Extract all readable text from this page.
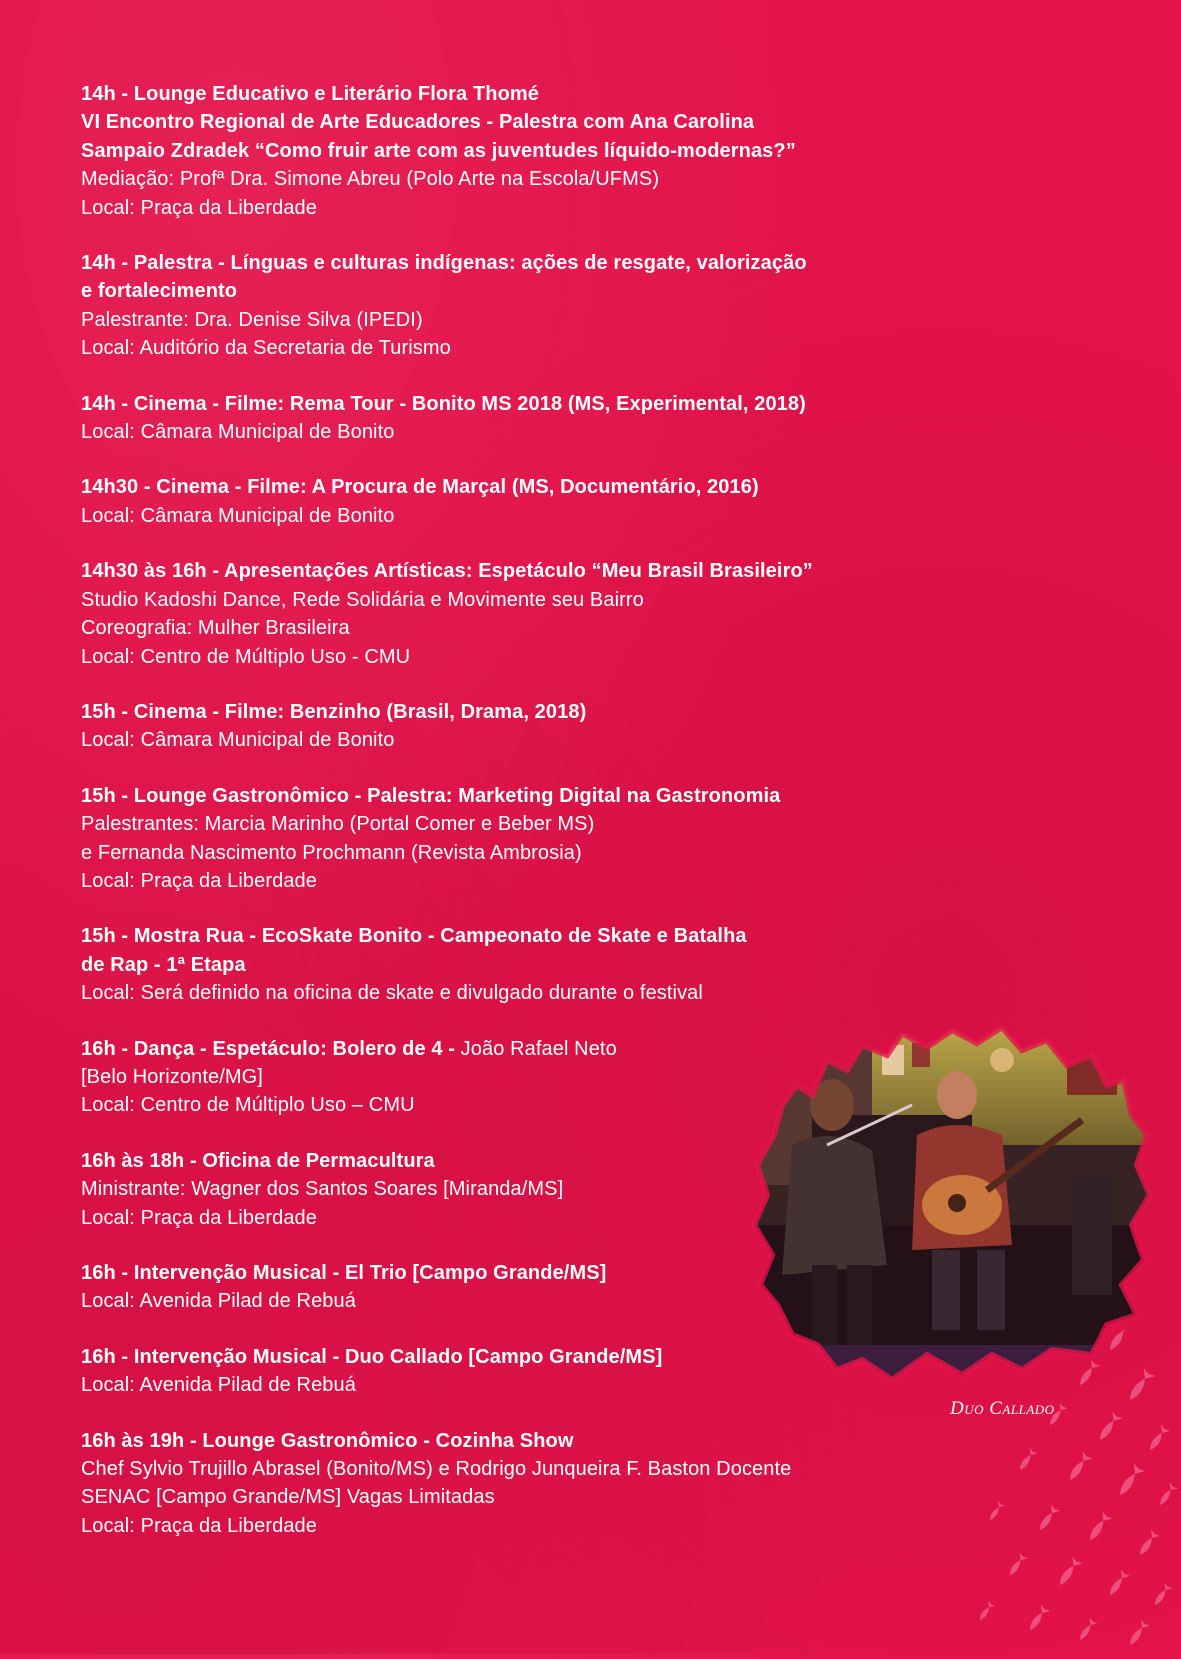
14h - Lounge Educativo e Literário Flora Thomé
VI Encontro Regional de Arte Educadores - Palestra com Ana Carolina
Sampaio Zdradek “Como fruir arte com as juventudes líquido-modernas?”
Mediação: Profª Dra. Simone Abreu (Polo Arte na Escola/UFMS)
Local: Praça da Liberdade
14h - Palestra - Línguas e culturas indígenas: ações de resgate, valorização
e fortalecimento
Palestrante: Dra. Denise Silva (IPEDI)
Local: Auditório da Secretaria de Turismo
14h - Cinema - Filme: Rema Tour - Bonito MS 2018 (MS, Experimental, 2018)
Local: Câmara Municipal de Bonito
14h30 - Cinema - Filme: A Procura de Marçal (MS, Documentário, 2016)
Local: Câmara Municipal de Bonito
14h30 às 16h - Apresentações Artísticas: Espetáculo “Meu Brasil Brasileiro”
Studio Kadoshi Dance, Rede Solidária e Movimente seu Bairro
Coreografia: Mulher Brasileira
Local: Centro de Múltiplo Uso - CMU
15h - Cinema - Filme: Benzinho (Brasil, Drama, 2018)
Local: Câmara Municipal de Bonito
15h - Lounge Gastronômico - Palestra: Marketing Digital na Gastronomia
Palestrantes: Marcia Marinho (Portal Comer e Beber MS)
e Fernanda Nascimento Prochmann (Revista Ambrosia)
Local: Praça da Liberdade
15h - Mostra Rua - EcoSkate Bonito - Campeonato de Skate e Batalha
de Rap - 1ª Etapa
Local: Será definido na oficina de skate e divulgado durante o festival
16h - Dança - Espetáculo: Bolero de 4 - João Rafael Neto
[Belo Horizonte/MG]
Local: Centro de Múltiplo Uso – CMU
16h às 18h - Oficina de Permacultura
Ministrante: Wagner dos Santos Soares [Miranda/MS]
Local: Praça da Liberdade
16h - Intervenção Musical - El Trio [Campo Grande/MS]
Local: Avenida Pilad de Rebuá
16h - Intervenção Musical - Duo Callado [Campo Grande/MS]
Local: Avenida Pilad de Rebuá
16h às 19h - Lounge Gastronômico - Cozinha Show
Chef Sylvio Trujillo Abrasel (Bonito/MS) e Rodrigo Junqueira F. Baston Docente
SENAC [Campo Grande/MS] Vagas Limitadas
Local: Praça da Liberdade
Duo Callado
